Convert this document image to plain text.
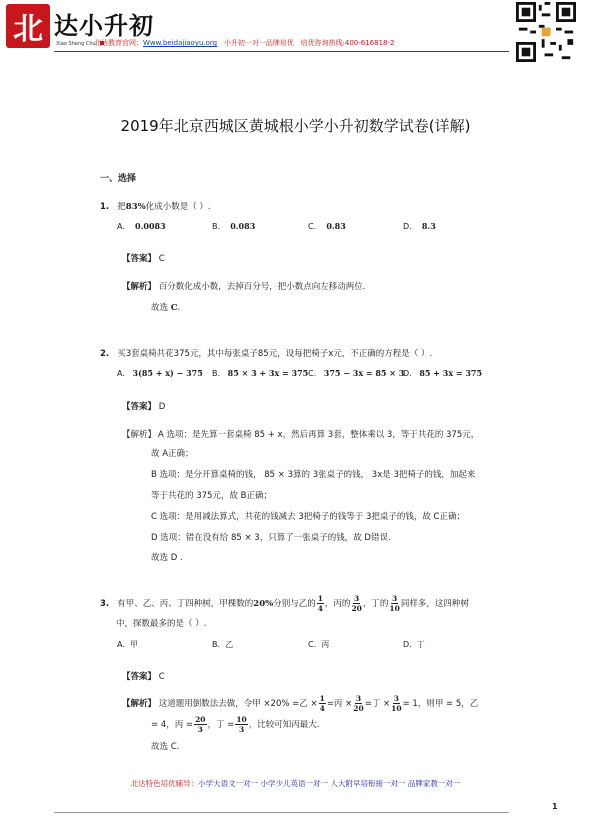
北 达小升初
Xiao Sheng Chu
北达教育官网：Www.beidajiaoyu.org 小升初一对一品牌培优 培优咨询热线:400-616818-2
2019年北京西城区黄城根小学小升初数学试卷(详解)
一、选择
1. 把83%化成小数是（ ）.
A. 0.0083	B. 0.083	C. 0.83	D. 8.3
【答案】 C
【解析】 百分数化成小数，去掉百分号，把小数点向左移动两位.
故选 C.
2. 买3套桌椅共花375元，其中每张桌子85元，设每把椅子x元，不正确的方程是（ ）.
A. 3(85 + x) − 375 B. 85 × 3 + 3x = 375 C. 375 − 3x = 85 × 3
D. 85 + 3x = 375
【答案】 D
【解析】 A 选项：是先算一套桌椅 85 + x，然后再算 3套，整体乘以 3，等于共花的 375元，
故 A正确；
B 选项：是分开算桌椅的钱， 85 × 3算的 3张桌子的钱， 3x是 3把椅子的钱，加起来
等于共花的 375元，故 B正确；
C 选项：是用减法算式，共花的钱减去 3把椅子的钱等于 3把桌子的钱，故 C正确；
D 选项：错在没有给 85 × 3，只算了一张桌子的钱，故 D错误.
故选 D .
3. 有甲、乙、丙、丁四种树，甲棵数的20%分别与乙的 $\frac{1}{4}$ ，丙的 $\frac{3}{20}$ ，丁的 $\frac{3}{10}$ 同样多，这四种树
中，探数最多的是（ ）.
A. 甲	B. 乙	C. 丙	D. 丁
【答案】 C
【解析】 这道题用倒数法去做，令甲 ×20% =乙 × $\frac{1}{4}$ =丙 × $\frac{3}{20}$ =丁 × $\frac{3}{10} = 1$，则甲 = 5，乙
= 4，丙 = $\frac{20}{3}$ ，丁 = $\frac{10}{3}$ ，比较可知丙最大.
故选 C.
北达特色培优辅导：小学大语文一对一 小学少儿英语一对一 人大附早培衔接一对一 品牌家教一对一
1
